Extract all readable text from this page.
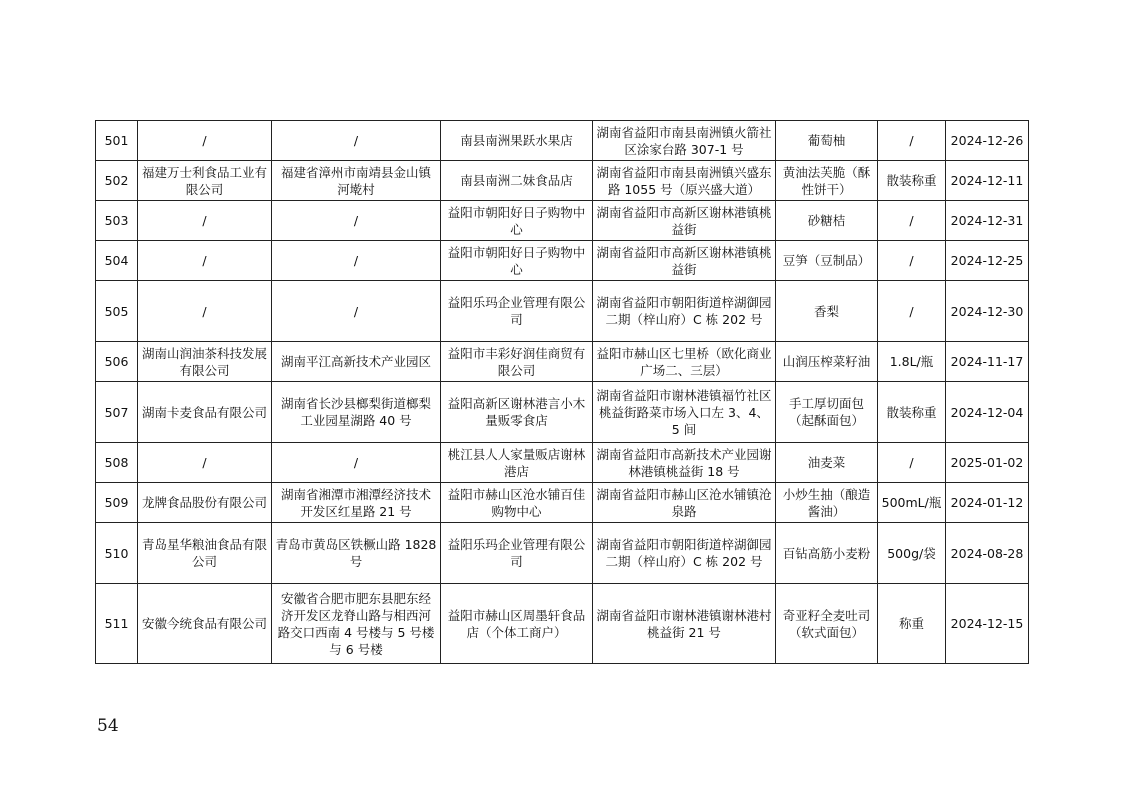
501	/	/	南县南洲果跃水果店	湖南省益阳市南县南洲镇火箭社区涂家台路 307-1 号	葡萄柚	/	2024-12-26
502	福建万士利食品工业有限公司	福建省漳州市南靖县金山镇河墘村	南县南洲二妹食品店	湖南省益阳市南县南洲镇兴盛东路 1055 号（原兴盛大道）	黄油法芙脆（酥性饼干）	散装称重	2024-12-11
503	/	/	益阳市朝阳好日子购物中心	湖南省益阳市高新区谢林港镇桃益街	砂糖桔	/	2024-12-31
504	/	/	益阳市朝阳好日子购物中心	湖南省益阳市高新区谢林港镇桃益街	豆笋（豆制品）	/	2024-12-25
505	/	/	益阳乐玛企业管理有限公司	湖南省益阳市朝阳街道梓湖御园二期（梓山府）C 栋 202 号	香梨	/	2024-12-30
506	湖南山润油茶科技发展有限公司	湖南平江高新技术产业园区	益阳市丰彩好润佳商贸有限公司	益阳市赫山区七里桥（欧化商业广场二、三层）	山润压榨菜籽油	1.8L/瓶	2024-11-17
507	湖南卡麦食品有限公司	湖南省长沙县榔梨街道榔梨工业园星湖路 40 号	益阳高新区谢林港言小木量贩零食店	湖南省益阳市谢林港镇福竹社区桃益街路菜市场入口左 3、4、5 间	手工厚切面包（起酥面包）	散装称重	2024-12-04
508	/	/	桃江县人人家量贩店谢林港店	湖南省益阳市高新技术产业园谢林港镇桃益街 18 号	油麦菜	/	2025-01-02
509	龙牌食品股份有限公司	湖南省湘潭市湘潭经济技术开发区红星路 21 号	益阳市赫山区沧水铺百佳购物中心	湖南省益阳市赫山区沧水铺镇沧泉路	小炒生抽（酿造酱油）	500mL/瓶	2024-01-12
510	青岛星华粮油食品有限公司	青岛市黄岛区铁橛山路 1828 号	益阳乐玛企业管理有限公司	湖南省益阳市朝阳街道梓湖御园二期（梓山府）C 栋 202 号	百钻高筋小麦粉	500g/袋	2024-08-28
511	安徽今统食品有限公司	安徽省合肥市肥东县肥东经济开发区龙脊山路与相西河路交口西南 4 号楼与 5 号楼与 6 号楼	益阳市赫山区周墨轩食品店（个体工商户）	湖南省益阳市谢林港镇谢林港村桃益街 21 号	奇亚籽全麦吐司（软式面包）	称重	2024-12-15
54
